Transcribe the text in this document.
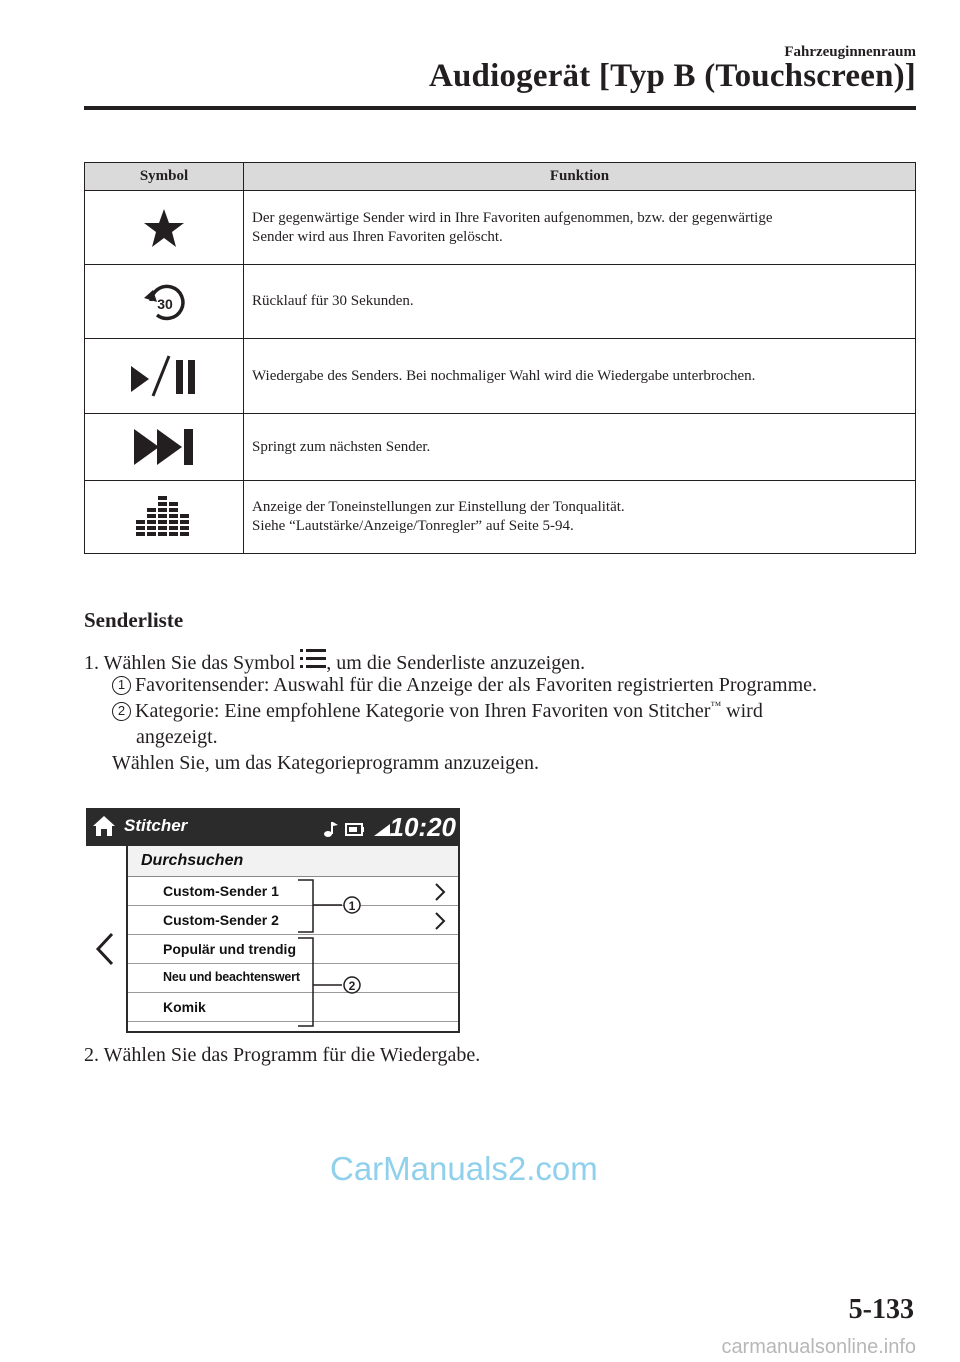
Fahrzeuginnenraum
Audiogerät [Typ B (Touchscreen)]
Symbol	Funktion
	Der gegenwärtige Sender wird in Ihre Favoriten aufgenommen, bzw. der gegenwärtige
Sender wird aus Ihren Favoriten gelöscht.

30	Rücklauf für 30 Sekunden.
	Wiedergabe des Senders. Bei nochmaliger Wahl wird die Wiedergabe unterbrochen.
	Springt zum nächsten Sender.
	Anzeige der Toneinstellungen zur Einstellung der Tonqualität.
Siehe “Lautstärke/Anzeige/Tonregler” auf Seite 5-94.
Senderliste
1. Wählen Sie das Symbol , um die Senderliste anzuzeigen.
1 Favoritensender: Auswahl für die Anzeige der als Favoriten registrierten Programme.
2 Kategorie: Eine empfohlene Kategorie von Ihren Favoriten von Stitcher™ wird
angezeigt.
Wählen Sie, um das Kategorieprogramm anzuzeigen.
Stitcher	10:20
Durchsuchen
Custom-Sender 1
Custom-Sender 2
Populär und trendig
Neu und beachtenswert
Komik
1
2
2. Wählen Sie das Programm für die Wiedergabe.
CarManuals2.com
5-133
carmanualsonline.info
